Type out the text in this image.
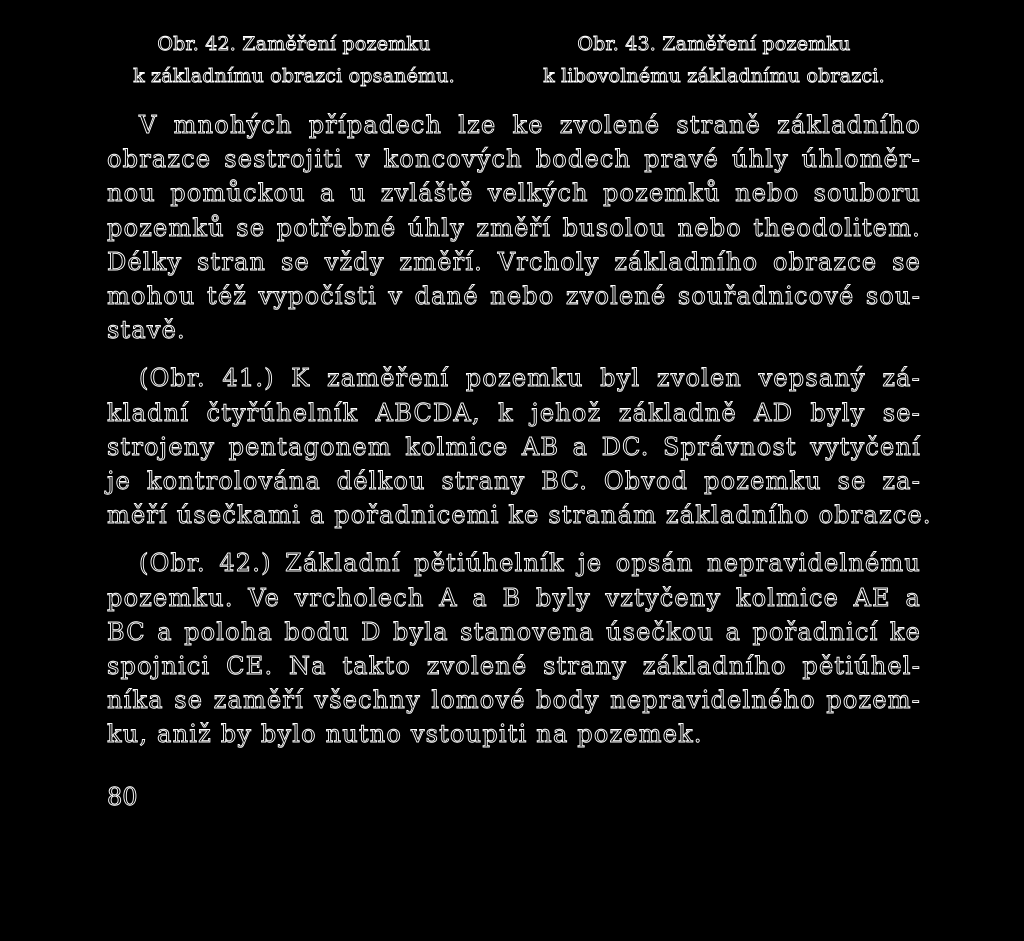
Obr. 42. Zaměření pozemku
k základnímu obrazci opsanému.
Obr. 43. Zaměření pozemku
k libovolnému základnímu obrazci.
V mnohých případech lze ke zvolené straně základního
obrazce sestrojiti v koncových bodech pravé úhly úhloměr-
nou pomůckou a u zvláště velkých pozemků nebo souboru
pozemků se potřebné úhly změří busolou nebo theodolitem.
Délky stran se vždy změří. Vrcholy základního obrazce se
mohou též vypočísti v dané nebo zvolené souřadnicové sou-
stavě.
(Obr. 41.) K zaměření pozemku byl zvolen vepsaný zá-
kladní čtyřúhelník ABCDA, k jehož základně AD byly se-
strojeny pentagonem kolmice AB a DC. Správnost vytyčení
je kontrolována délkou strany BC. Obvod pozemku se za-
měří úsečkami a pořadnicemi ke stranám základního obrazce.
(Obr. 42.) Základní pětiúhelník je opsán nepravidelnému
pozemku. Ve vrcholech A a B byly vztyčeny kolmice AE a
BC a poloha bodu D byla stanovena úsečkou a pořadnicí ke
spojnici CE. Na takto zvolené strany základního pětiúhel-
níka se zaměří všechny lomové body nepravidelného pozem-
ku, aniž by bylo nutno vstoupiti na pozemek.
80
